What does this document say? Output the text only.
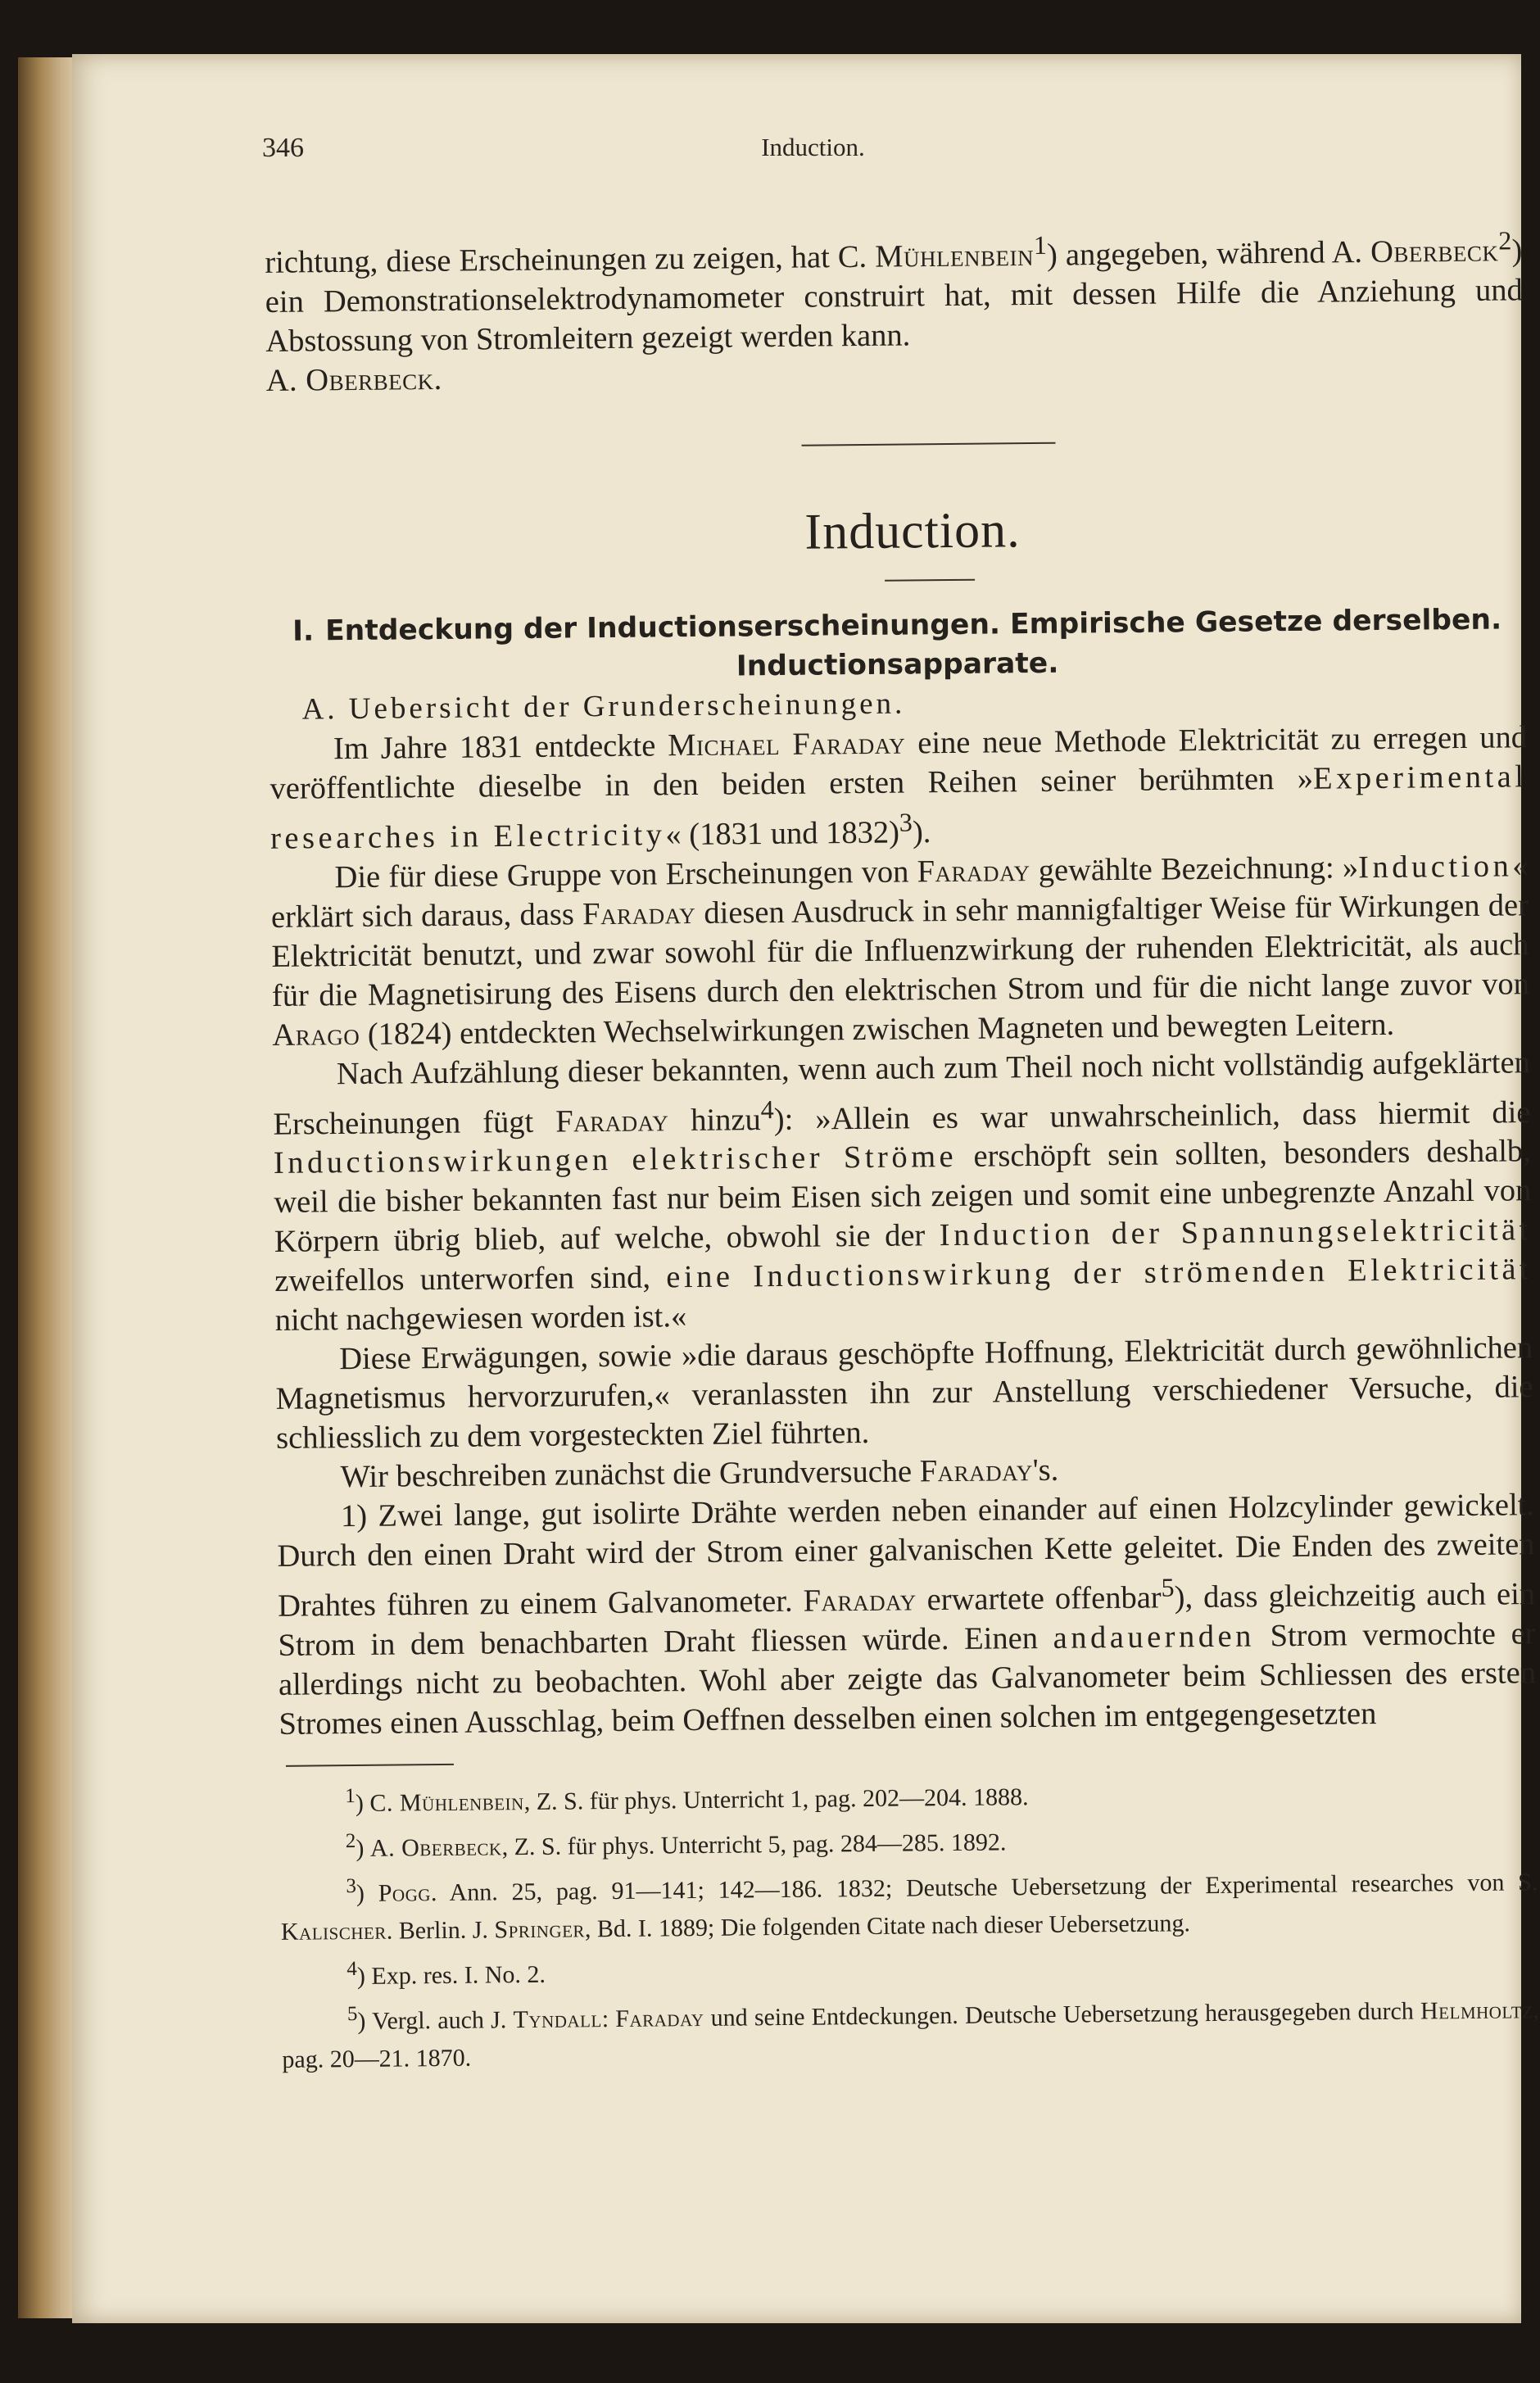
346	Induction.

richtung, diese Erscheinungen zu zeigen, hat C. Mühlenbein$^1$) angegeben, während A. Oberbeck$^2$) ein Demonstrationselektrodynamometer construirt hat, mit dessen Hilfe die Anziehung und Abstossung von Stromleitern gezeigt werden kann.

A. Oberbeck.

Induction.
I. Entdeckung der Inductionserscheinungen. Empirische Gesetze derselben. Inductionsapparate.

A. Uebersicht der Grunderscheinungen.

Im Jahre 1831 entdeckte Michael Faraday eine neue Methode Elektricität zu erregen und veröffentlichte dieselbe in den beiden ersten Reihen seiner berühmten »Experimental researches in Electricity« (1831 und 1832)$^3$).

Die für diese Gruppe von Erscheinungen von Faraday gewählte Bezeichnung: »Induction« erklärt sich daraus, dass Faraday diesen Ausdruck in sehr mannigfaltiger Weise für Wirkungen der Elektricität benutzt, und zwar sowohl für die Influenzwirkung der ruhenden Elektricität, als auch für die Magnetisirung des Eisens durch den elektrischen Strom und für die nicht lange zuvor von Arago (1824) entdeckten Wechselwirkungen zwischen Magneten und bewegten Leitern.

Nach Aufzählung dieser bekannten, wenn auch zum Theil noch nicht vollständig aufgeklärten Erscheinungen fügt Faraday hinzu$^4$): »Allein es war unwahrscheinlich, dass hiermit die Inductionswirkungen elektrischer Ströme erschöpft sein sollten, besonders deshalb, weil die bisher bekannten fast nur beim Eisen sich zeigen und somit eine unbegrenzte Anzahl von Körpern übrig blieb, auf welche, obwohl sie der Induction der Spannungselektricität zweifellos unterworfen sind, eine Inductionswirkung der strömenden Elektricität nicht nachgewiesen worden ist.«

Diese Erwägungen, sowie »die daraus geschöpfte Hoffnung, Elektricität durch gewöhnlichen Magnetismus hervorzurufen,« veranlassten ihn zur Anstellung verschiedener Versuche, die schliesslich zu dem vorgesteckten Ziel führten.

Wir beschreiben zunächst die Grundversuche Faraday's.

1) Zwei lange, gut isolirte Drähte werden neben einander auf einen Holzcylinder gewickelt. Durch den einen Draht wird der Strom einer galvanischen Kette geleitet. Die Enden des zweiten Drahtes führen zu einem Galvanometer. Faraday erwartete offenbar$^5$), dass gleichzeitig auch ein Strom in dem benachbarten Draht fliessen würde. Einen andauernden Strom vermochte er allerdings nicht zu beobachten. Wohl aber zeigte das Galvanometer beim Schliessen des ersten Stromes einen Ausschlag, beim Oeffnen desselben einen solchen im entgegengesetzten

$^1$) C. Mühlenbein, Z. S. für phys. Unterricht 1, pag. 202—204. 1888.

$^2$) A. Oberbeck, Z. S. für phys. Unterricht 5, pag. 284—285. 1892.

$^3$) Pogg. Ann. 25, pag. 91—141; 142—186. 1832; Deutsche Uebersetzung der Experimental researches von S. Kalischer. Berlin. J. Springer, Bd. I. 1889; Die folgenden Citate nach dieser Uebersetzung.

$^4$) Exp. res. I. No. 2.

$^5$) Vergl. auch J. Tyndall: Faraday und seine Entdeckungen. Deutsche Uebersetzung herausgegeben durch Helmholtz, pag. 20—21. 1870.
